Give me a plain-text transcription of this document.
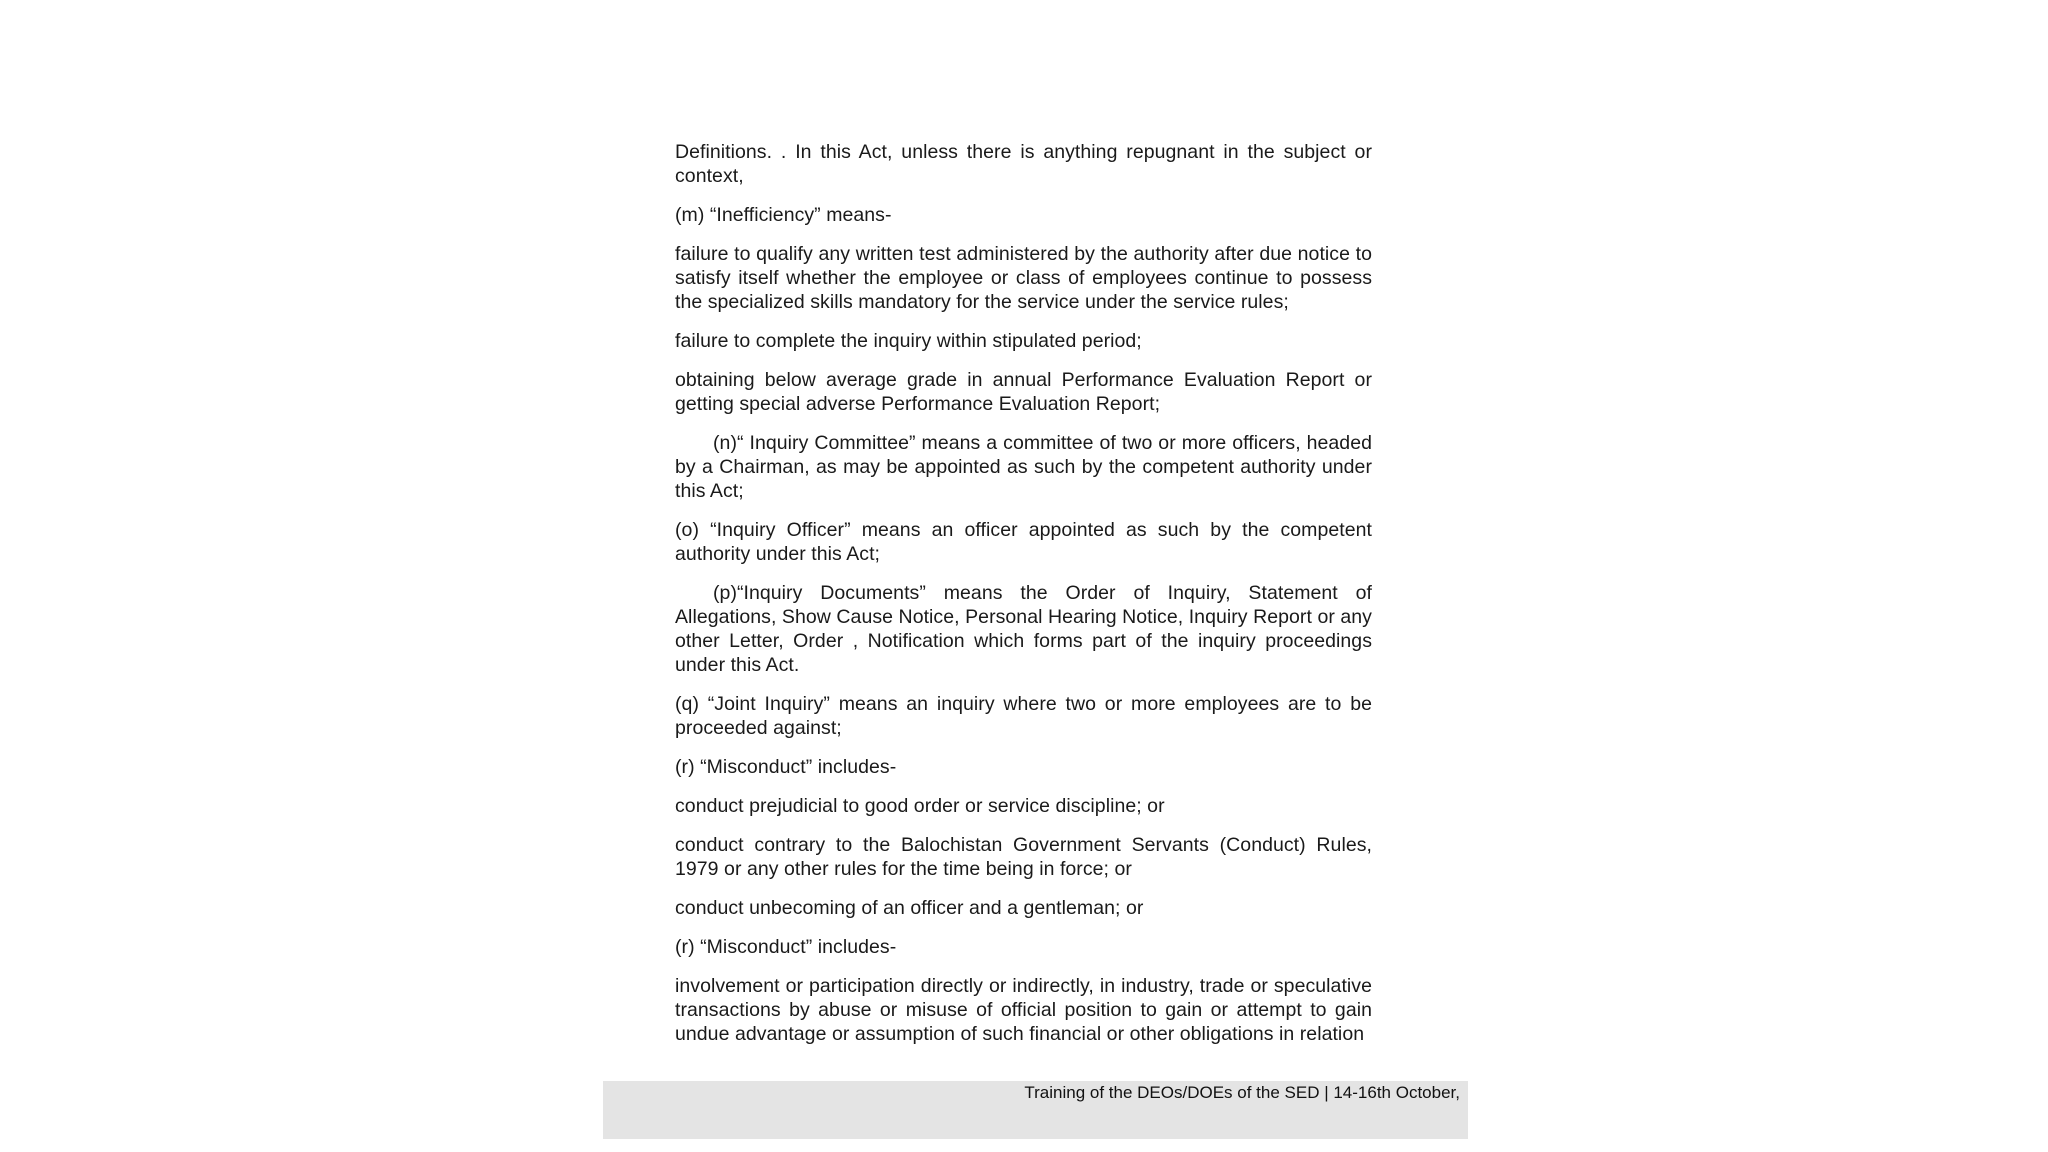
Definitions. . In this Act, unless there is anything repugnant in the subject or context,

(m) “Inefficiency” means-

failure to qualify any written test administered by the authority after due notice to satisfy itself whether the employee or class of employees continue to possess the specialized skills mandatory for the service under the service rules;

failure to complete the inquiry within stipulated period;

obtaining below average grade in annual Performance Evaluation Report or getting special adverse Performance Evaluation Report;

(n)“ Inquiry Committee” means a committee of two or more officers, headed by a Chairman, as may be appointed as such by the competent authority under this Act;

(o) “Inquiry Officer” means an officer appointed as such by the competent authority under this Act;

(p)“Inquiry Documents” means the Order of Inquiry, Statement of Allegations, Show Cause Notice, Personal Hearing Notice, Inquiry Report or any other Letter, Order , Notification which forms part of the inquiry proceedings under this Act.

(q) “Joint Inquiry” means an inquiry where two or more employees are to be proceeded against;

(r) “Misconduct” includes-

conduct prejudicial to good order or service discipline; or

conduct contrary to the Balochistan Government Servants (Conduct) Rules, 1979 or any other rules for the time being in force; or

conduct unbecoming of an officer and a gentleman; or

(r) “Misconduct” includes-

involvement or participation directly or indirectly, in industry, trade or speculative transactions by abuse or misuse of official position to gain or attempt to gain undue advantage or assumption of such financial or other obligations in relation

Training of the DEOs/DOEs of the SED | 14-16th October,
